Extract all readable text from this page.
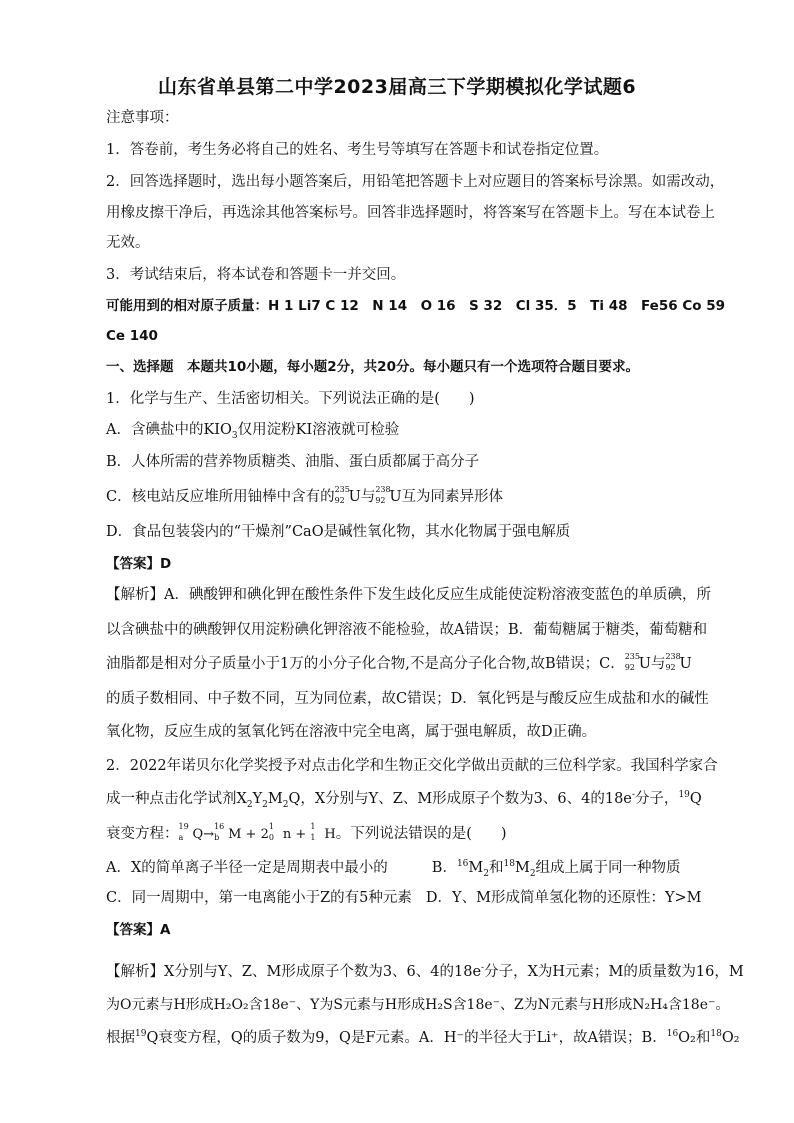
山东省单县第二中学2023届高三下学期模拟化学试题6
注意事项：
1．答卷前，考生务必将自己的姓名、考生号等填写在答题卡和试卷指定位置。
2．回答选择题时，选出每小题答案后，用铅笔把答题卡上对应题目的答案标号涂黑。如需改动，
用橡皮擦干净后，再选涂其他答案标号。回答非选择题时，将答案写在答题卡上。写在本试卷上
无效。
3．考试结束后，将本试卷和答题卡一并交回。
可能用到的相对原子质量：H 1 Li7 C 12　N 14　O 16　S 32　Cl 35．5　Ti 48　Fe56 Co 59
Ce 140
一、选择题　本题共10小题，每小题2分，共20分。每小题只有一个选项符合题目要求。
1．化学与生产、生活密切相关。下列说法正确的是(　　)
A．含碘盐中的$KIO_3$仅用淀粉KI溶液就可检验
B．人体所需的营养物质糖类、油脂、蛋白质都属于高分子
C．核电站反应堆所用铀棒中含有的 235
92 U与 238
92 U互为同素异形体
D．食品包装袋内的“干燥剂”CaO是碱性氧化物，其水化物属于强电解质
【答案】D
【解析】A．碘酸钾和碘化钾在酸性条件下发生歧化反应生成能使淀粉溶液变蓝色的单质碘，所
以含碘盐中的碘酸钾仅用淀粉碘化钾溶液不能检验，故A错误；B．葡萄糖属于糖类，葡萄糖和
油脂都是相对分子质量小于1万的小分子化合物,不是高分子化合物,故B错误；C． 235
92 U与 238
92 U
的质子数相同、中子数不同，互为同位素，故C错误；D．氧化钙是与酸反应生成盐和水的碱性
氧化物，反应生成的氢氧化钙在溶液中完全电离，属于强电解质，故D正确。
2．2022年诺贝尔化学奖授予对点击化学和生物正交化学做出贡献的三位科学家。我国科学家合
成一种点击化学试剂$X_2Y_2M_2Q$，X分别与Y、Z、M形成原子个数为3、6、4的18e-分子，$^{19}$Q
衰变方程： 19
a Q→
16
b M + 2
1
0 n +
1
1 H。下列说法错误的是(　　)
A．X的简单离子半径一定是周期表中最小的	B．$^{16}M_2$和$^{18}M_2$组成上属于同一种物质
C．同一周期中，第一电离能小于Z的有5种元素 D．Y、M形成简单氢化物的还原性：Y>M
【答案】A
【解析】X分别与Y、Z、M形成原子个数为3、6、4的18e-分子，X为H元素；M的质量数为16，M
为O元素与H形成H₂O₂含18e⁻、Y为S元素与H形成H₂S含18e⁻、Z为N元素与H形成N₂H₄含18e⁻。
根据$^{19}$Q衰变方程，Q的质子数为9，Q是F元素。A．H⁻的半径大于Li⁺，故A错误；B．$^{16}$O₂和$^{18}$O₂
